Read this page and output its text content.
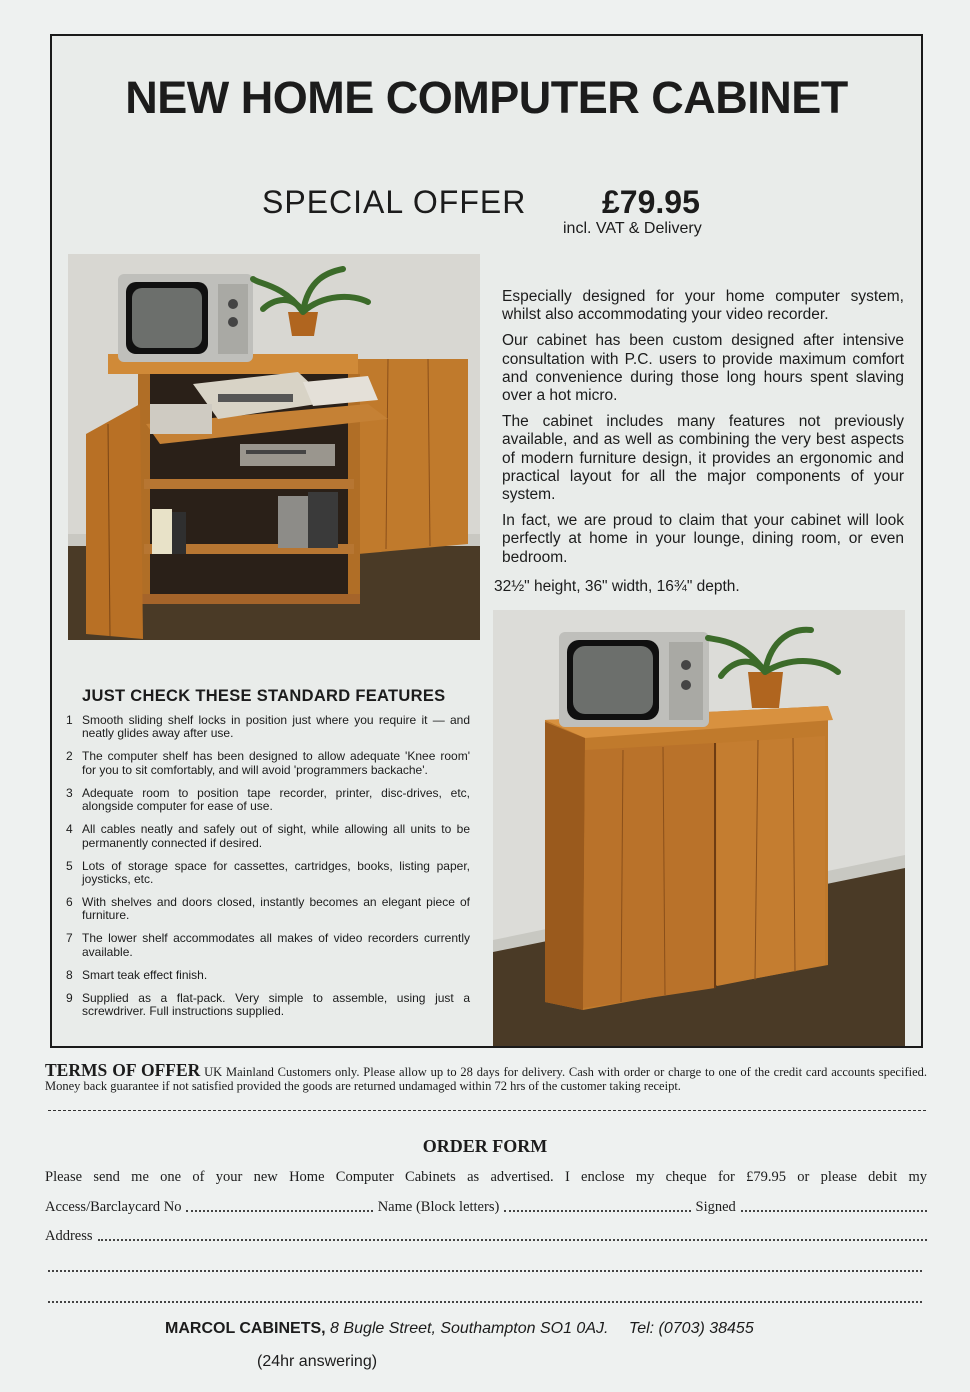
NEW HOME COMPUTER CABINET
SPECIAL OFFER £79.95
incl. VAT & Delivery

Especially designed for your home computer system, whilst also accommodating your video recorder.

Our cabinet has been custom designed after intensive consultation with P.C. users to provide maximum comfort and convenience during those long hours spent slaving over a hot micro.

The cabinet includes many features not previously available, and as well as combining the very best aspects of modern furniture design, it provides an ergonomic and practical layout for all the major components of your system.

In fact, we are proud to claim that your cabinet will look perfectly at home in your lounge, dining room, or even bedroom.

32½" height, 36" width, 16¾" depth.
JUST CHECK THESE STANDARD FEATURES
1 Smooth sliding shelf locks in position just where you require it — and neatly glides away after use.
2 The computer shelf has been designed to allow adequate 'Knee room' for you to sit comfortably, and will avoid 'programmers backache'.
3 Adequate room to position tape recorder, printer, disc-drives, etc, alongside computer for ease of use.
4 All cables neatly and safely out of sight, while allowing all units to be permanently connected if desired.
5 Lots of storage space for cassettes, cartridges, books, listing paper, joysticks, etc.
6 With shelves and doors closed, instantly becomes an elegant piece of furniture.
7 The lower shelf accommodates all makes of video recorders currently available.
8 Smart teak effect finish.
9 Supplied as a flat-pack. Very simple to assemble, using just a screwdriver. Full instructions supplied.
TERMS OF OFFER UK Mainland Customers only. Please allow up to 28 days for delivery. Cash with order or charge to one of the credit card accounts specified. Money back guarantee if not satisfied provided the goods are returned undamaged within 72 hrs of the customer taking receipt.
ORDER FORM
Please send me one of your new Home Computer Cabinets as advertised. I enclose my cheque for £79.95 or please debit my
Access/Barclaycard No	Name (Block letters)	Signed
Address
MARCOL CABINETS, 8 Bugle Street, Southampton SO1 0AJ. Tel: (0703) 38455
(24hr answering)
